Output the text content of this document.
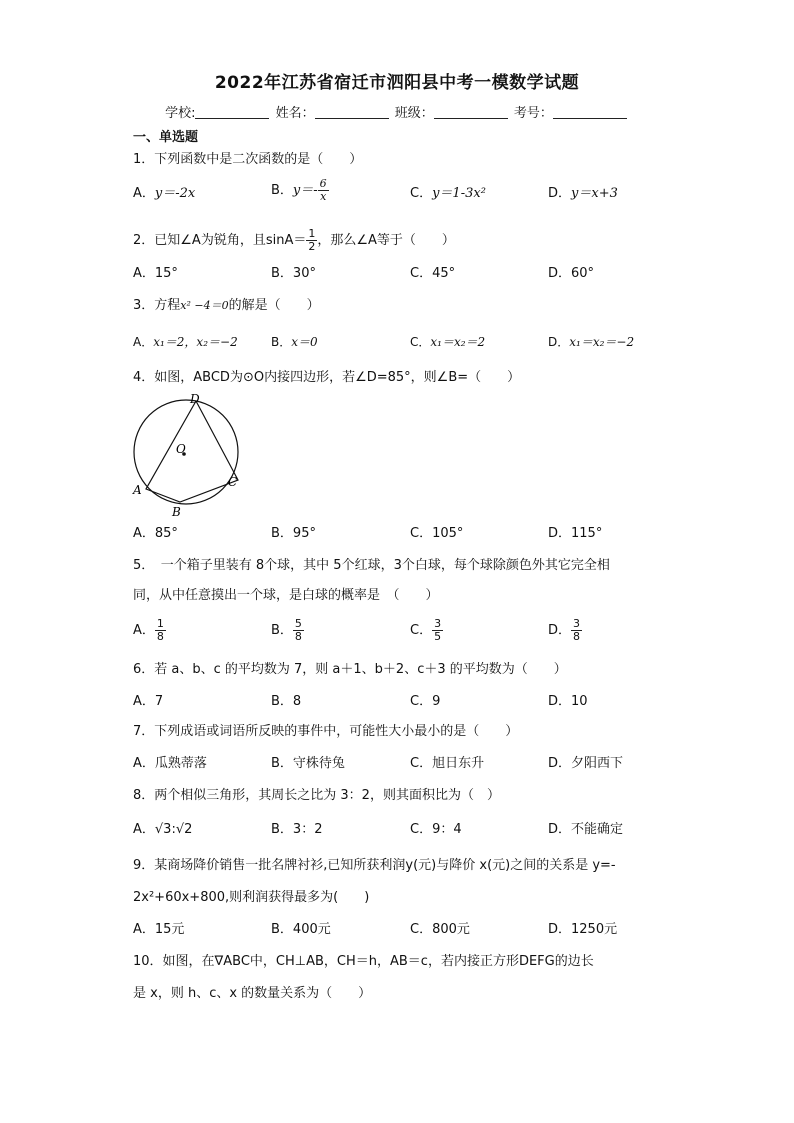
2022年江苏省宿迁市泗阳县中考一模数学试题
学校:	姓名：	班级：	考号：
一、单选题
1．下列函数中是二次函数的是（　　）
A．y＝-2x	B．$y=- \frac{6}{x}$	C．y＝1-3x²	D．y＝x+3
2．已知∠A为锐角，且$\sin A= \frac{1}{2}$ ，那么∠A等于（　　）
A．15°	B．30°	C．45°	D．60°
3．方程x² −4＝0的解是（　　）
A．x₁＝2，x₂＝−2	B．x＝0	C．x₁＝x₂＝2	D．x₁＝x₂＝−2
4．如图，ABCD为⊙O内接四边形，若∠D=85°，则∠B=（　　）
D
O
A
B
C
A．85°	B．95°	C．105°	D．115°
5．　一个箱子里装有 8个球，其中 5个红球，3个白球，每个球除颜色外其它完全相
同，从中任意摸出一个球，是白球的概率是　（　　）
A． $\frac{1}{8}$	B． $\frac{5}{8}$	C． $\frac{3}{5}$	D． $\frac{3}{8}$
6．若 a、b、c 的平均数为 7，则 a＋1、b＋2、c＋3 的平均数为（　　）
A．7	B．8	C．9	D．10
7．下列成语或词语所反映的事件中，可能性大小最小的是（　　）
A．瓜熟蒂落	B．守株待兔	C．旭日东升	D．夕阳西下
8．两个相似三角形，其周长之比为 3：2，则其面积比为（　）
A．√3:√2	B．3：2	C．9：4	D．不能确定
9．某商场降价销售一批名牌衬衫,已知所获利润y(元)与降价 x(元)之间的关系是 y=-
2x²+60x+800,则利润获得最多为(　　)
A．15元	B．400元	C．800元	D．1250元
10．如图，在∇ABC中，CH⊥AB，CH＝h，AB＝c，若内接正方形DEFG的边长
是 x，则 h、c、x 的数量关系为（　　）
